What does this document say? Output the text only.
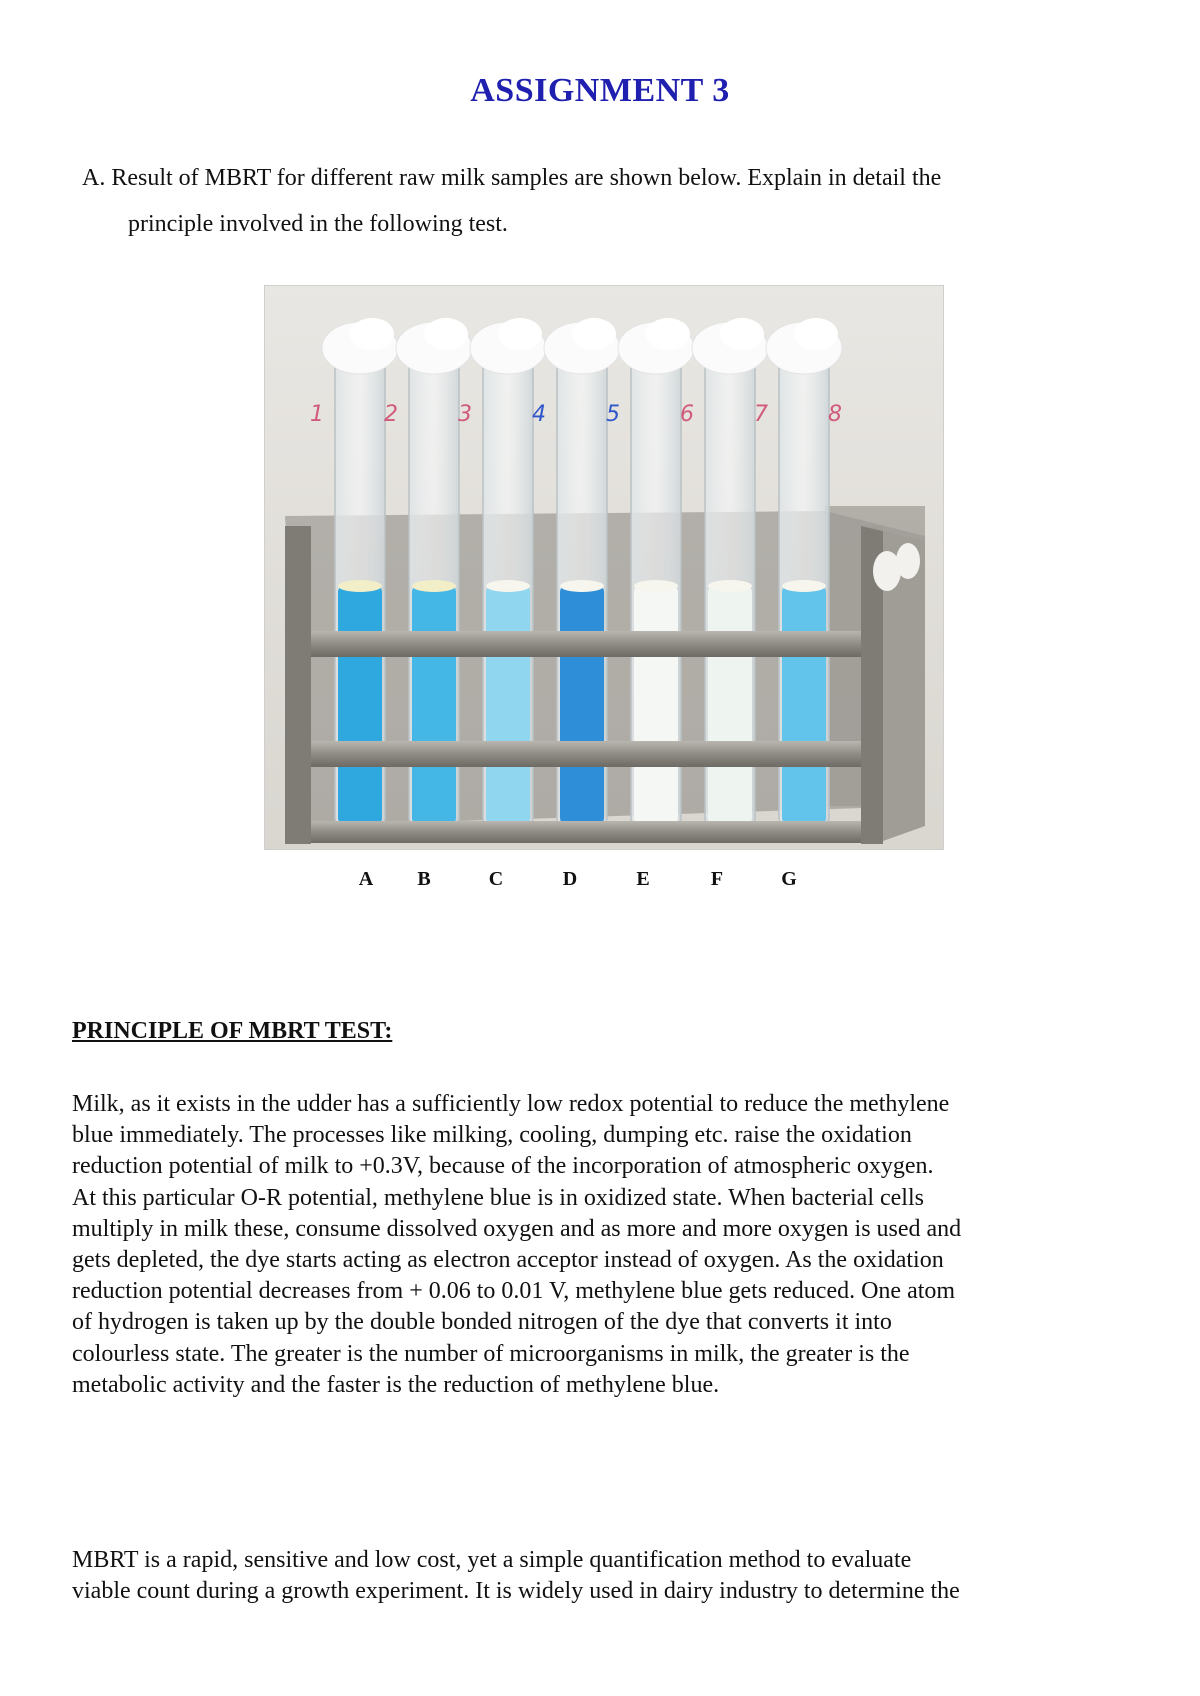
ASSIGNMENT 3
A. Result of MBRT for different raw milk samples are shown below. Explain in detail the
principle involved in the following test.
1	2	3	4	5	6	7	8
A B	C	D	E	F	G
PRINCIPLE OF MBRT TEST:
Milk, as it exists in the udder has a sufficiently low redox potential to reduce the methylene
blue immediately. The processes like milking, cooling, dumping etc. raise the oxidation
reduction potential of milk to +0.3V, because of the incorporation of atmospheric oxygen.
At this particular O-R potential, methylene blue is in oxidized state. When bacterial cells
multiply in milk these, consume dissolved oxygen and as more and more oxygen is used and
gets depleted, the dye starts acting as electron acceptor instead of oxygen. As the oxidation
reduction potential decreases from + 0.06 to 0.01 V, methylene blue gets reduced. One atom
of hydrogen is taken up by the double bonded nitrogen of the dye that converts it into
colourless state. The greater is the number of microorganisms in milk, the greater is the
metabolic activity and the faster is the reduction of methylene blue.
MBRT is a rapid, sensitive and low cost, yet a simple quantification method to evaluate
viable count during a growth experiment. It is widely used in dairy industry to determine the
